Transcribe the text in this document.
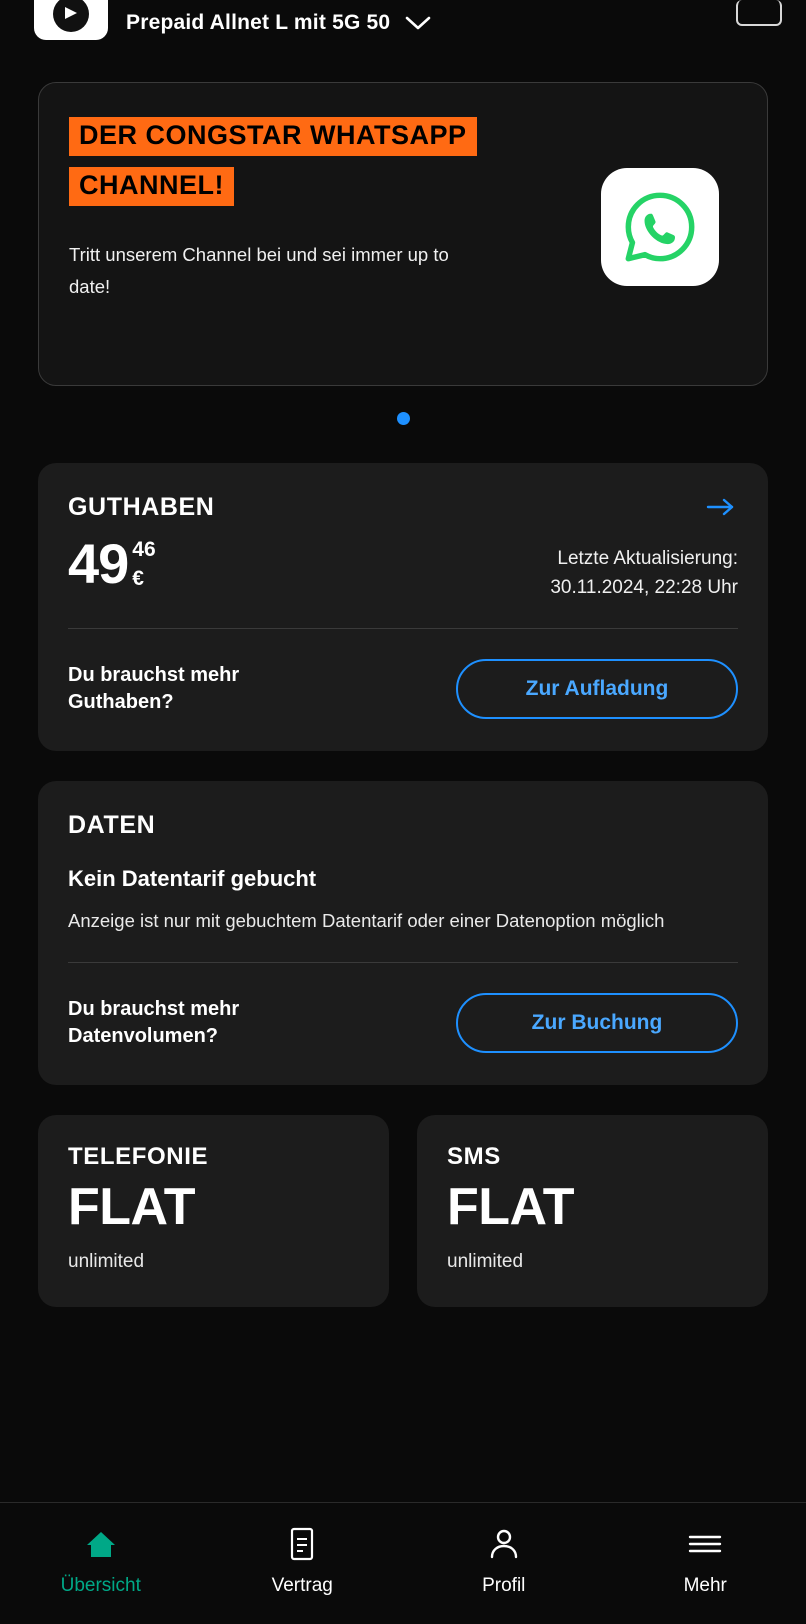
Prepaid Allnet L mit 5G 50
DER CONGSTAR WHATSAPP
CHANNEL!
Tritt unserem Channel bei und sei immer up to date!
GUTHABEN
49 46
€
Letzte Aktualisierung:
30.11.2024, 22:28 Uhr
Du brauchst mehr Guthaben?
Zur Aufladung
DATEN
Kein Datentarif gebucht
Anzeige ist nur mit gebuchtem Datentarif oder einer Datenoption möglich
Du brauchst mehr Datenvolumen?
Zur Buchung
TELEFONIE
FLAT
unlimited
SMS
FLAT
unlimited
Übersicht	Vertrag	Profil	Mehr
